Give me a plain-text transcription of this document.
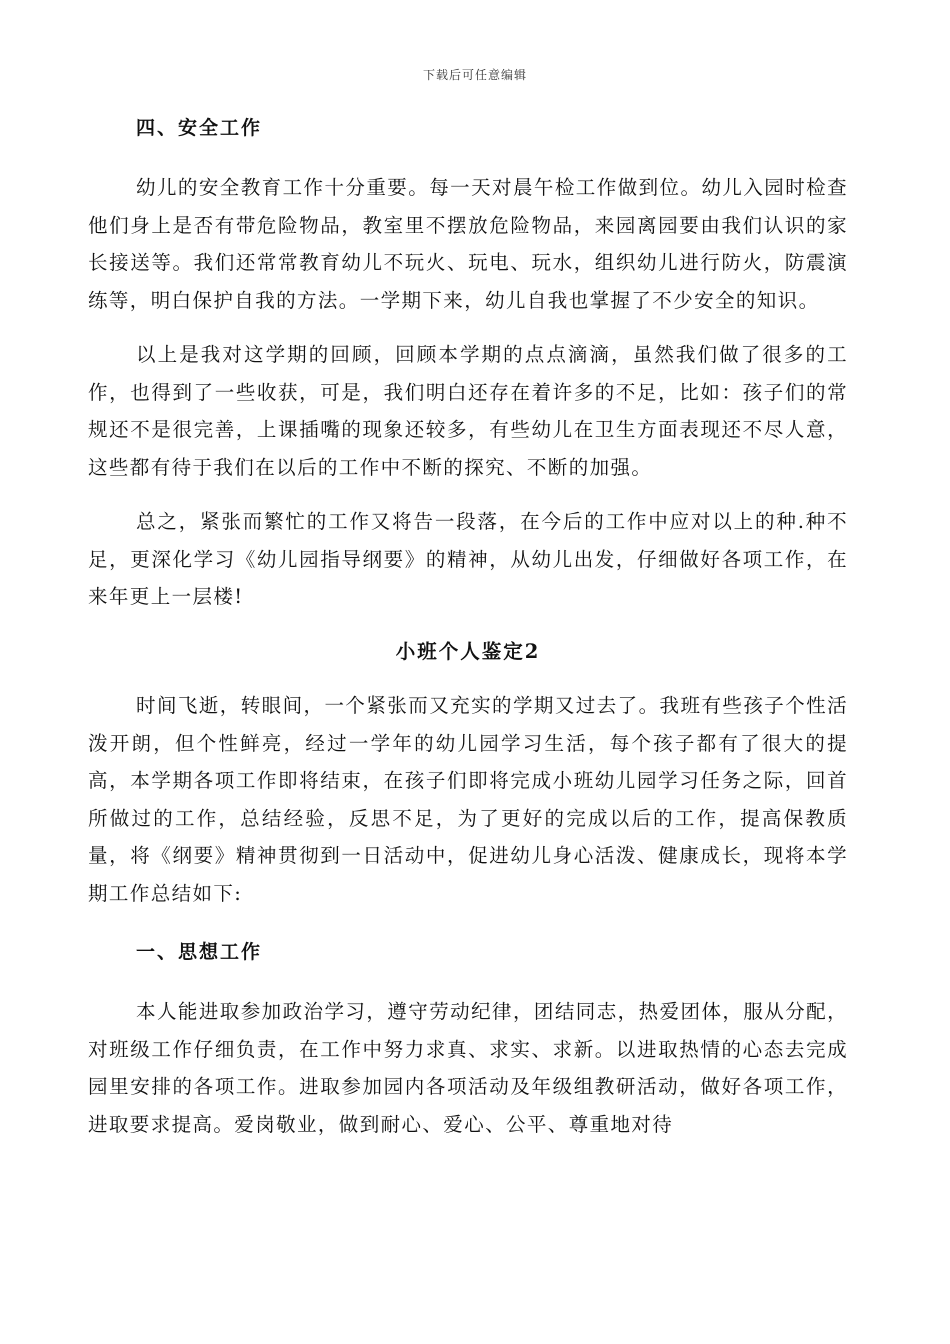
下载后可任意编辑

四、安全工作

幼儿的安全教育工作十分重要。每一天对晨午检工作做到位。幼儿入园时检查他们身上是否有带危险物品，教室里不摆放危险物品，来园离园要由我们认识的家长接送等。我们还常常教育幼儿不玩火、玩电、玩水，组织幼儿进行防火，防震演练等，明白保护自我的方法。一学期下来，幼儿自我也掌握了不少安全的知识。

以上是我对这学期的回顾，回顾本学期的点点滴滴，虽然我们做了很多的工作，也得到了一些收获，可是，我们明白还存在着许多的不足，比如：孩子们的常规还不是很完善，上课插嘴的现象还较多，有些幼儿在卫生方面表现还不尽人意，这些都有待于我们在以后的工作中不断的探究、不断的加强。

总之，紧张而繁忙的工作又将告一段落，在今后的工作中应对以上的种.种不足，更深化学习《幼儿园指导纲要》的精神，从幼儿出发，仔细做好各项工作，在来年更上一层楼!

小班个人鉴定2

时间飞逝，转眼间，一个紧张而又充实的学期又过去了。我班有些孩子个性活泼开朗，但个性鲜亮，经过一学年的幼儿园学习生活，每个孩子都有了很大的提高，本学期各项工作即将结束，在孩子们即将完成小班幼儿园学习任务之际，回首所做过的工作，总结经验，反思不足，为了更好的完成以后的工作，提高保教质量，将《纲要》精神贯彻到一日活动中，促进幼儿身心活泼、健康成长，现将本学期工作总结如下:

一、思想工作

本人能进取参加政治学习，遵守劳动纪律，团结同志，热爱团体，服从分配，对班级工作仔细负责，在工作中努力求真、求实、求新。以进取热情的心态去完成园里安排的各项工作。进取参加园内各项活动及年级组教研活动，做好各项工作，进取要求提高。爱岗敬业，做到耐心、爱心、公平、尊重地对待
